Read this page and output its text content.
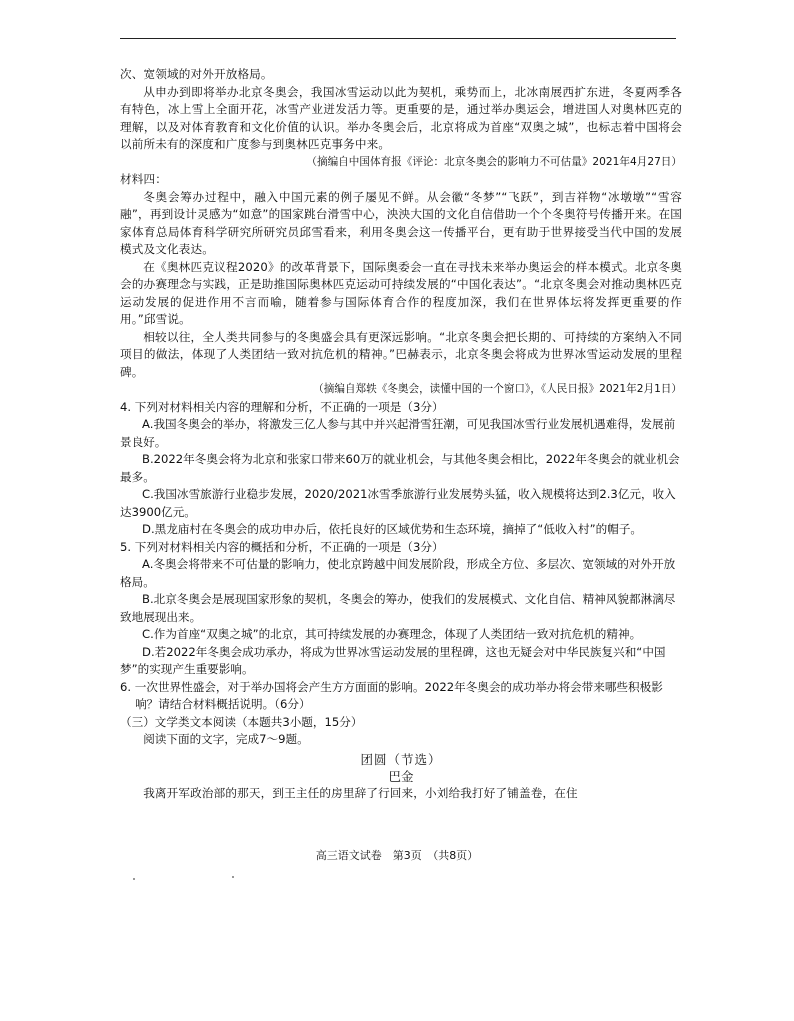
次、宽领域的对外开放格局。

从申办到即将举办北京冬奥会，我国冰雪运动以此为契机，乘势而上，北冰南展西扩东进，冬夏两季各有特色，冰上雪上全面开花，冰雪产业迸发活力等。更重要的是，通过举办奥运会，增进国人对奥林匹克的理解，以及对体育教育和文化价值的认识。举办冬奥会后，北京将成为首座“双奥之城”，也标志着中国将会以前所未有的深度和广度参与到奥林匹克事务中来。

（摘编自中国体育报《评论：北京冬奥会的影响力不可估量》2021年4月27日）

材料四：

冬奥会筹办过程中，融入中国元素的例子屡见不鲜。从会徽“冬梦”“飞跃”，到吉祥物“冰墩墩”“雪容融”，再到设计灵感为“如意”的国家跳台滑雪中心，泱泱大国的文化自信借助一个个冬奥符号传播开来。在国家体育总局体育科学研究所研究员邱雪看来，利用冬奥会这一传播平台，更有助于世界接受当代中国的发展模式及文化表达。

在《奥林匹克议程2020》的改革背景下，国际奥委会一直在寻找未来举办奥运会的样本模式。北京冬奥会的办赛理念与实践，正是助推国际奥林匹克运动可持续发展的“中国化表达”。“北京冬奥会对推动奥林匹克运动发展的促进作用不言而喻，随着参与国际体育合作的程度加深，我们在世界体坛将发挥更重要的作用。”邱雪说。

相较以往，全人类共同参与的冬奥盛会具有更深远影响。“北京冬奥会把长期的、可持续的方案纳入不同项目的做法，体现了人类团结一致对抗危机的精神。”巴赫表示，北京冬奥会将成为世界冰雪运动发展的里程碑。

（摘编自郑轶《冬奥会，读懂中国的一个窗口》，《人民日报》2021年2月1日）

4. 下列对材料相关内容的理解和分析，不正确的一项是（3分）

A.我国冬奥会的举办，将激发三亿人参与其中并兴起滑雪狂潮，可见我国冰雪行业发展机遇难得，发展前景良好。

B.2022年冬奥会将为北京和张家口带来60万的就业机会，与其他冬奥会相比，2022年冬奥会的就业机会最多。

C.我国冰雪旅游行业稳步发展，2020/2021冰雪季旅游行业发展势头猛，收入规模将达到2.3亿元，收入达3900亿元。

D.黑龙庙村在冬奥会的成功申办后，依托良好的区域优势和生态环境，摘掉了“低收入村”的帽子。

5. 下列对材料相关内容的概括和分析，不正确的一项是（3分）

A.冬奥会将带来不可估量的影响力，使北京跨越中间发展阶段，形成全方位、多层次、宽领域的对外开放格局。

B.北京冬奥会是展现国家形象的契机，冬奥会的筹办，使我们的发展模式、文化自信、精神风貌都淋漓尽致地展现出来。

C.作为首座“双奥之城”的北京，其可持续发展的办赛理念，体现了人类团结一致对抗危机的精神。

D.若2022年冬奥会成功承办，将成为世界冰雪运动发展的里程碑，这也无疑会对中华民族复兴和“中国梦”的实现产生重要影响。

6. 一次世界性盛会，对于举办国将会产生方方面面的影响。2022年冬奥会的成功举办将会带来哪些积极影响？请结合材料概括说明。（6分）

（三）文学类文本阅读（本题共3小题，15分）

阅读下面的文字，完成7～9题。

团圆（节选）

巴金

我离开军政治部的那天，到王主任的房里辞了行回来，小刘给我打好了铺盖卷，在住

高三语文试卷　第3页　（共8页）
